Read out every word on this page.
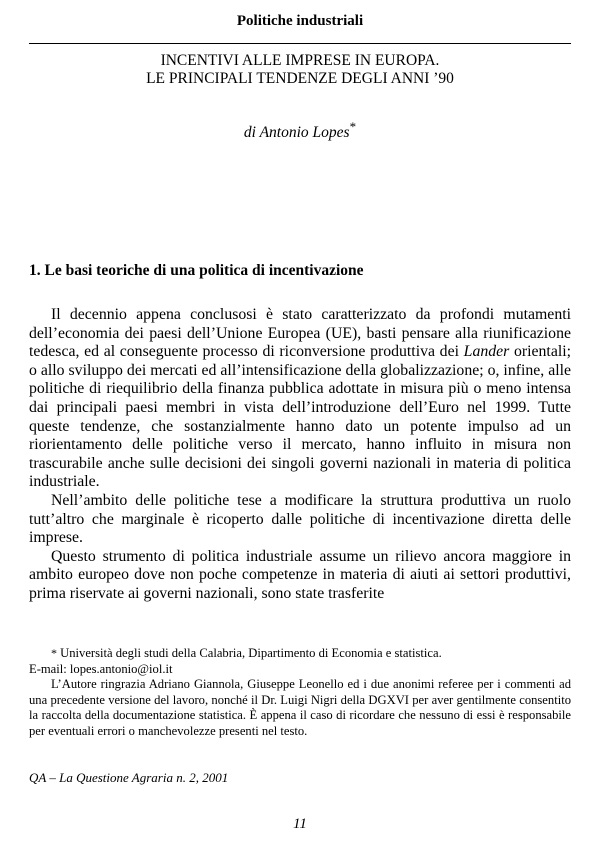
Politiche industriali
INCENTIVI ALLE IMPRESE IN EUROPA.
LE PRINCIPALI TENDENZE DEGLI ANNI ’90
di Antonio Lopes*
1. Le basi teoriche di una politica di incentivazione

Il decennio appena conclusosi è stato caratterizzato da profondi mutamenti dell’economia dei paesi dell’Unione Europea (UE), basti pensare alla riunificazione tedesca, ed al conseguente processo di riconversione produttiva dei Lander orientali; o allo sviluppo dei mercati ed all’intensificazione della globalizzazione; o, infine, alle politiche di riequilibrio della finanza pubblica adottate in misura più o meno intensa dai principali paesi membri in vista dell’introduzione dell’Euro nel 1999. Tutte queste tendenze, che sostanzialmente hanno dato un potente impulso ad un riorientamento delle politiche verso il mercato, hanno influito in misura non trascurabile anche sulle decisioni dei singoli governi nazionali in materia di politica industriale.

Nell’ambito delle politiche tese a modificare la struttura produttiva un ruolo tutt’altro che marginale è ricoperto dalle politiche di incentivazione diretta delle imprese.

Questo strumento di politica industriale assume un rilievo ancora maggiore in ambito europeo dove non poche competenze in materia di aiuti ai settori produttivi, prima riservate ai governi nazionali, sono state trasferite

* Università degli studi della Calabria, Dipartimento di Economia e statistica.

E-mail: lopes.antonio@iol.it

L’Autore ringrazia Adriano Giannola, Giuseppe Leonello ed i due anonimi referee per i commenti ad una precedente versione del lavoro, nonché il Dr. Luigi Nigri della DGXVI per aver gentilmente consentito la raccolta della documentazione statistica. È appena il caso di ricordare che nessuno di essi è responsabile per eventuali errori o manchevolezze presenti nel testo.

QA – La Questione Agraria n. 2, 2001
11
